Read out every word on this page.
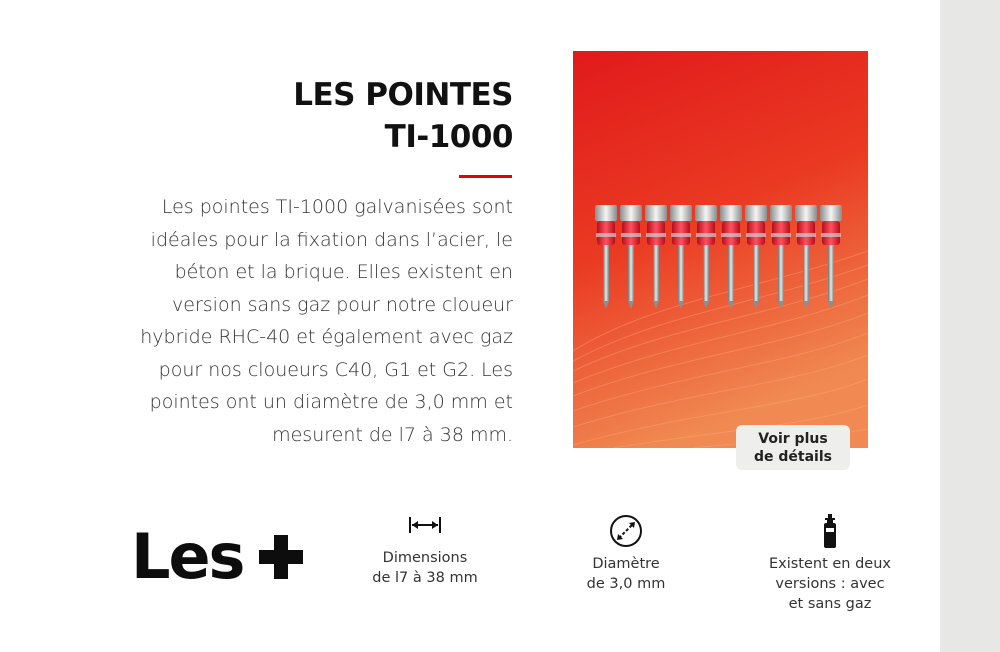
LES POINTES
TI-1000

Les pointes TI-1000 galvanisées sont idéales pour la fixation dans l’acier, le béton et la brique. Elles existent en version sans gaz pour notre cloueur hybride RHC-40 et également avec gaz pour nos cloueurs C40, G1 et G2. Les pointes ont un diamètre de 3,0 mm et mesurent de l7 à 38 mm.	Voir plus
de détails
Les	Dimensions
de l7 à 38 mm
Diamètre
de 3,0 mm
Existent en deux
versions : avec
et sans gaz
